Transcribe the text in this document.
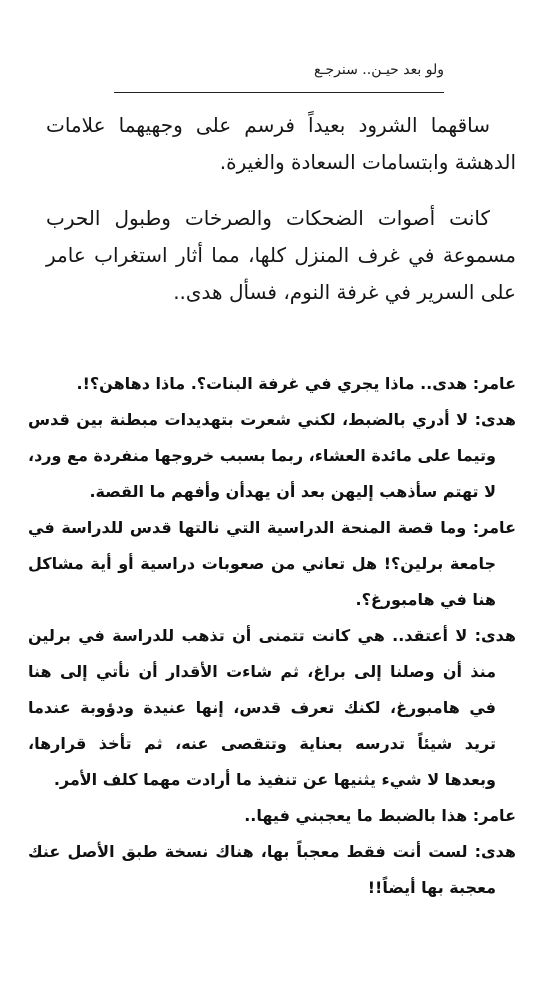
ولو بعد حيـن.. سنرجـع

ساقهما الشرود بعيداً فرسم على وجهيهما علامات الدهشة وابتسامات السعادة والغيرة.

كانت أصوات الضحكات والصرخات وطبول الحرب مسموعة في غرف المنزل كلها، مما أثار استغراب عامر على السرير في غرفة النوم، فسأل هدى..

عامر: هدى.. ماذا يجري في غرفة البنات؟. ماذا دهاهن؟!.

هدى: لا أدري بالضبط، لكني شعرت بتهديدات مبطنة بين قدس وتيما على مائدة العشاء، ربما بسبب خروجها منفردة مع ورد، لا تهتم سأذهب إليهن بعد أن يهدأن وأفهم ما القصة.

عامر: وما قصة المنحة الدراسية التي نالتها قدس للدراسة في جامعة برلين؟! هل تعاني من صعوبات دراسية أو أية مشاكل هنا في هامبورغ؟.

هدى: لا أعتقد.. هي كانت تتمنى أن تذهب للدراسة في برلين منذ أن وصلنا إلى براغ، ثم شاءت الأقدار أن نأتي إلى هنا في هامبورغ، لكنك تعرف قدس، إنها عنيدة ودؤوبة عندما تريد شيئاً تدرسه بعناية وتتقصى عنه، ثم تأخذ قرارها، وبعدها لا شيء يثنيها عن تنفيذ ما أرادت مهما كلف الأمر.

عامر: هذا بالضبط ما يعجبني فيها..

هدى: لست أنت فقط معجباً بها، هناك نسخة طبق الأصل عنك معجبة بها أيضاً!!
